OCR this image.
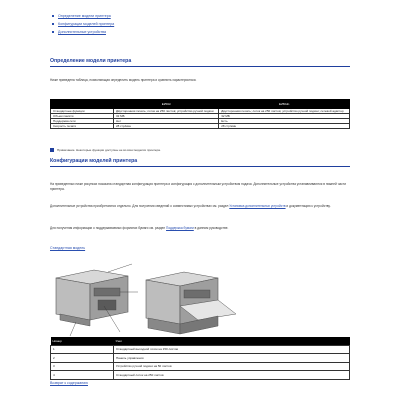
Определение модели принтера
Конфигурации моделей принтера
Дополнительные устройства
Определение модели принтера
Ниже приведена таблица, позволяющая определить модель принтера и сравнить характеристики.
	E250d	E250dn
Стандартные функции	Двусторонняя печать; лоток на 250 листов; устройство ручной подачи	Двусторонняя печать; лоток на 250 листов; устройство ручной подачи; сетевой адаптер
Объем памяти	32 МБ	32 МБ
Поддержка сети	Нет	Есть
Скорость печати	28 стр/мин	28 стр/мин
Примечание. Некоторые функции доступны не во всех моделях принтера.
Конфигурации моделей принтера
На приведенных ниже рисунках показана стандартная конфигурация принтера и конфигурация с дополнительным устройством подачи. Дополнительные устройства устанавливаются в нижней части принтера.
Дополнительные устройства приобретаются отдельно. Для получения сведений о совместимых устройствах см. раздел Установка дополнительных устройств и документацию к устройству.
Для получения информации о поддерживаемых форматах бумаги см. раздел Поддержка бумаги в данном руководстве.
Стандартная модель
Номер	Узел
1	Стандартный выходной лоток на 150 листов
2	Панель управления
3	Устройство ручной подачи на 50 листов
4	Стандартный лоток на 250 листов
Возврат к содержанию
